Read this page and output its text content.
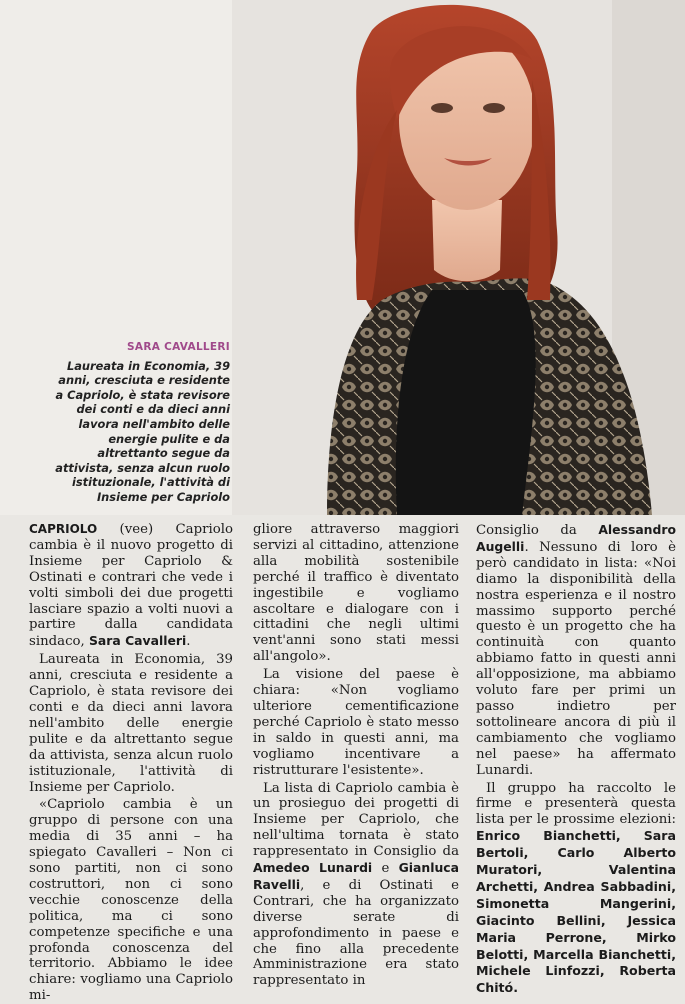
SARA CAVALLERI
Laureata in Economia, 39 anni, cresciuta e residente a Capriolo, è stata revisore dei conti e da dieci anni lavora nell'ambito delle energie pulite e da altrettanto segue da attivista, senza alcun ruolo istituzionale, l'attività di Insieme per Capriolo

CAPRIOLO (vee) Capriolo cambia è il nuovo progetto di Insieme per Capriolo & Ostinati e contrari che vede i volti simboli dei due progetti lasciare spazio a volti nuovi a partire dalla candidata sindaco, Sara Cavalleri.

Laureata in Economia, 39 anni, cresciuta e residente a Capriolo, è stata revisore dei conti e da dieci anni lavora nell'ambito delle energie pulite e da altrettanto segue da attivista, senza alcun ruolo istituzionale, l'attività di Insieme per Capriolo.

«Capriolo cambia è un gruppo di persone con una media di 35 anni – ha spiegato Cavalleri – Non ci sono partiti, non ci sono costruttori, non ci sono vecchie conoscenze della politica, ma ci sono competenze specifiche e una profonda conoscenza del territorio. Abbiamo le idee chiare: vogliamo una Capriolo mi-

gliore attraverso maggiori servizi al cittadino, attenzione alla mobilità sostenibile perché il traffico è diventato ingestibile e vogliamo ascoltare e dialogare con i cittadini che negli ultimi vent'anni sono stati messi all'angolo».

La visione del paese è chiara: «Non vogliamo ulteriore cementificazione perché Capriolo è stato messo in saldo in questi anni, ma vogliamo incentivare a ristrutturare l'esistente».

La lista di Capriolo cambia è un prosieguo dei progetti di Insieme per Capriolo, che nell'ultima tornata è stato rappresentato in Consiglio da Amedeo Lunardi e Gianluca Ravelli, e di Ostinati e Contrari, che ha organizzato diverse serate di approfondimento in paese e che fino alla precedente Amministrazione era stato rappresentato in

Consiglio da Alessandro Augelli. Nessuno di loro è però candidato in lista: «Noi diamo la disponibilità della nostra esperienza e il nostro massimo supporto perché questo è un progetto che ha continuità con quanto abbiamo fatto in questi anni all'opposizione, ma abbiamo voluto fare per primi un passo indietro per sottolineare ancora di più il cambiamento che vogliamo nel paese» ha affermato Lunardi.

Il gruppo ha raccolto le firme e presenterà questa lista per le prossime elezioni: Enrico Bianchetti, Sara Bertoli, Carlo Alberto Muratori, Valentina Archetti, Andrea Sabbadini, Simonetta Mangerini, Giacinto Bellini, Jessica Maria Perrone, Mirko Belotti, Marcella Bianchetti, Michele Linfozzi, Roberta Chitó.
